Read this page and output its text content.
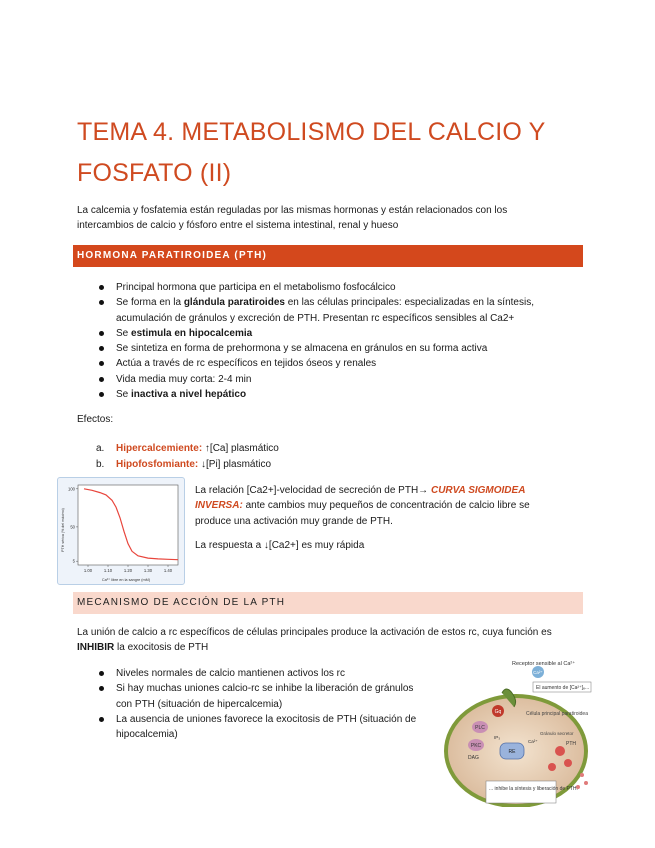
TEMA 4. METABOLISMO DEL CALCIO Y FOSFATO (II)

La calcemia y fosfatemia están reguladas por las mismas hormonas y están relacionados con los intercambios de calcio y fósforo entre el sistema intestinal, renal y hueso

HORMONA PARATIROIDEA (PTH)
Principal hormona que participa en el metabolismo fosfocálcico
Se forma en la glándula paratiroides en las células principales: especializadas en la síntesis, acumulación de gránulos y excreción de PTH. Presentan rc específicos sensibles al Ca2+
Se estimula en hipocalcemia
Se sintetiza en forma de prehormona y se almacena en gránulos en su forma activa
Actúa a través de rc específicos en tejidos óseos y renales
Vida media muy corta: 2-4 min
Se inactiva a nivel hepático
Efectos:
a. Hipercalcemiente: ↑[Ca] plasmático
b. Hipofosfomiante: ↓[Pi] plasmático
PTH sérica (% del máximo)
Ca²⁺ libre en la sangre (mM)
1.00	1.10	1.20	1.30	1.40
100
50
5
La relación [Ca2+]-velocidad de secreción de PTH→ CURVA SIGMOIDEA INVERSA: ante cambios muy pequeños de concentración de calcio libre se produce una activación muy grande de PTH.
La respuesta a ↓[Ca2+] es muy rápida
MECANISMO DE ACCIÓN DE LA PTH
La unión de calcio a rc específicos de células principales produce la activación de estos rc, cuya función es INHIBIR la exocitosis de PTH
Niveles normales de calcio mantienen activos los rc
Si hay muchas uniones calcio-rc se inhibe la liberación de gránulos con PTH (situación de hipercalcemia)
La ausencia de uniones favorece la exocitosis de PTH (situación de hipocalcemia)
Ca²⁺
Receptor sensible al Ca²⁺
El aumento de [Ca²⁺]ₑ...
Célula principal paratiroidea
Gránulo secretor
Gq
PLC
PKC
DAG
RE
IP₃
Ca²⁺	PTH
... inhibe la síntesis y liberación de PTH.
